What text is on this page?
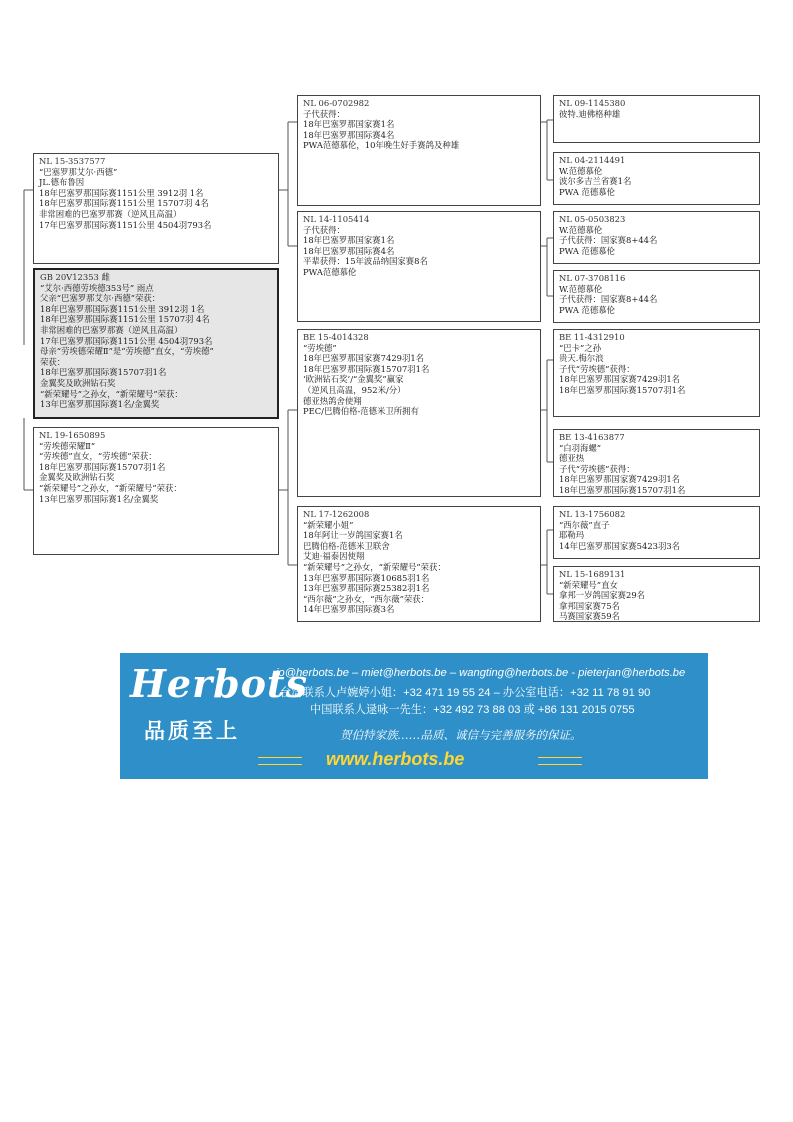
NL 15-3537577
“巴塞罗那艾尔·西德”
JL.德布鲁因
18年巴塞罗那国际赛1151公里 3912羽 1名
18年巴塞罗那国际赛1151公里 15707羽 4名
非常困难的巴塞罗那赛（逆风且高温）
17年巴塞罗那国际赛1151公里 4504羽793名
GB 20V12353 雌
“艾尔·西德劳埃德353号” 雨点
父亲“巴塞罗那艾尔·西德”荣获：
18年巴塞罗那国际赛1151公里 3912羽 1名
18年巴塞罗那国际赛1151公里 15707羽 4名
非常困难的巴塞罗那赛（逆风且高温）
17年巴塞罗那国际赛1151公里 4504羽793名
母亲“劳埃德荣耀Ⅱ”是“劳埃德”直女，“劳埃德”
荣获：
18年巴塞罗那国际赛15707羽1名
金翼奖及欧洲钻石奖
“新荣耀号”之孙女，“新荣耀号”荣获：
13年巴塞罗那国际赛1名/金翼奖
NL 19-1650895
“劳埃德荣耀Ⅱ”
“劳埃德”直女，“劳埃德”荣获：
18年巴塞罗那国际赛15707羽1名
金翼奖及欧洲钻石奖
“新荣耀号”之孙女，“新荣耀号”荣获：
13年巴塞罗那国际赛1名/金翼奖
NL 06-0702982
子代获得：
18年巴塞罗那国家赛1名
18年巴塞罗那国际赛4名
PWA范德慕伦，10年晚生好手赛鸽及种雄
NL 14-1105414
子代获得：
18年巴塞罗那国家赛1名
18年巴塞罗那国际赛4名
平辈获得：15年波品纳国家赛8名
PWA范德慕伦
BE 15-4014328
“劳埃德”
18年巴塞罗那国家赛7429羽1名
18年巴塞罗那国际赛15707羽1名
‘欧洲钻石奖’/“金翼奖”赢家
（逆风且高温，952米/分）
德亚热鸽舍使翔
PEC/巴腾伯格-范德米卫所拥有
NL 17-1262008
“新荣耀小姐”
18年阿让一岁鸽国家赛1名
巴腾伯格-范德米卫联舍
艾迪·福泰因使翔
“新荣耀号”之孙女，“新荣耀号”荣获：
13年巴塞罗那国际赛10685羽1名
13年巴塞罗那国际赛25382羽1名
“西尔薇”之孙女，“西尔薇”荣获：
14年巴塞罗那国际赛3名
NL 09-1145380
彼特.迪佛格种雄
NL 04-2114491
W.范德慕伦
波尔多吉兰省赛1名
PWA 范德慕伦
NL 05-0503823
W.范德慕伦
子代获得：国家赛8+44名
PWA 范德慕伦
NL 07-3708116
W.范德慕伦
子代获得：国家赛8+44名
PWA 范德慕伦
BE 11-4312910
“巴卡”之孙
贵天.梅尔浪
子代“劳埃德”获得：
18年巴塞罗那国家赛7429羽1名
18年巴塞罗那国际赛15707羽1名
BE 13-4163877
“白羽海螺”
德亚热
子代“劳埃德”获得：
18年巴塞罗那国家赛7429羽1名
18年巴塞罗那国际赛15707羽1名
NL 13-1756082
“西尔薇”直子
耶勒玛
14年巴塞罗那国家赛5423羽3名
NL 15-1689131
“新荣耀号”直女
拿邦一岁鸽国家赛29名
拿邦国家赛75名
马赛国家赛59名
Herbots
品质至上
jo@herbots.be – miet@herbots.be – wangting@herbots.be - pieterjan@herbots.be
台湾联系人卢婉婷小姐：+32 471 19 55 24 – 办公室电话：+32 11 78 91 90
中国联系人逯咏一先生：+32 492 73 88 03 或 +86 131 2015 0755
贺伯特家族……品质、诚信与完善服务的保证。
www.herbots.be
